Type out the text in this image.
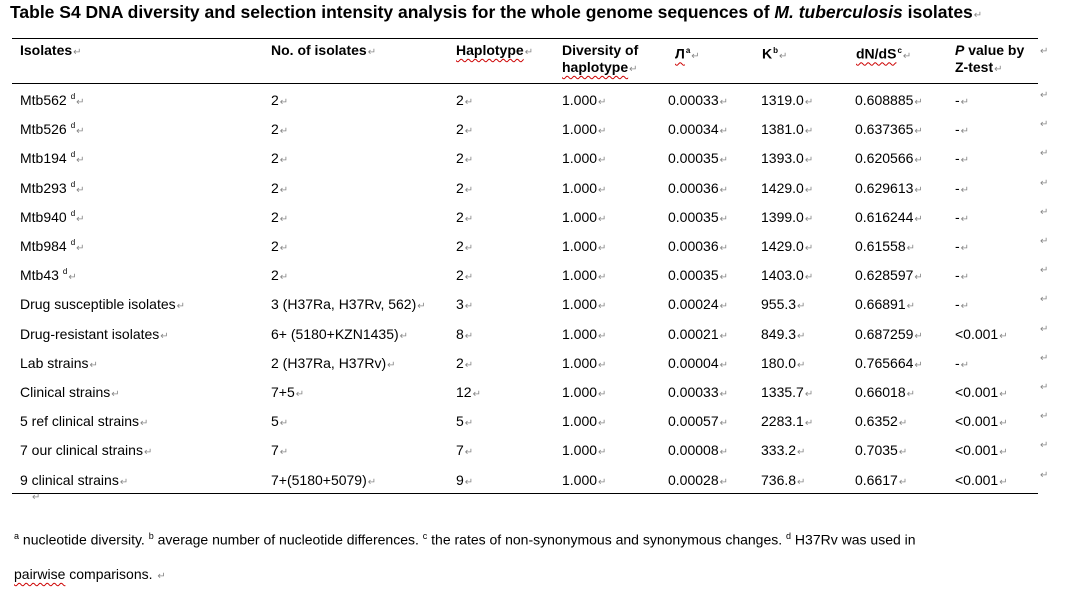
Table S4 DNA diversity and selection intensity analysis for the whole genome sequences of M. tuberculosis isolates↵
Isolates↵	No. of isolates↵	Haplotype↵ Diversity of
haplotype↵
$Л^a↵$	$K^b↵$	$dN/dS^c↵$	P value by
Z-test↵
↵
Mtb562 $^d$↵	2↵	2↵	1.000↵	0.00033↵ 1319.0↵	0.608885↵ -↵
↵
Mtb526 $^d$↵	2↵	2↵	1.000↵	0.00034↵ 1381.0↵	0.637365↵ -↵
↵
Mtb194 $^d$↵	2↵	2↵	1.000↵	0.00035↵ 1393.0↵	0.620566↵ -↵
↵
Mtb293 $^d$↵	2↵	2↵	1.000↵	0.00036↵ 1429.0↵	0.629613↵ -↵
↵
Mtb940 $^d$↵	2↵	2↵	1.000↵	0.00035↵ 1399.0↵	0.616244↵ -↵
↵
Mtb984 $^d$↵	2↵	2↵	1.000↵	0.00036↵ 1429.0↵	0.61558↵	-↵
↵
Mtb43 $^d$↵	2↵	2↵	1.000↵	0.00035↵ 1403.0↵	0.628597↵ -↵
↵
Drug susceptible isolates↵	3 (H37Ra, H37Rv, 562)↵ 3↵	1.000↵	0.00024↵ 955.3↵	0.66891↵	-↵
↵
Drug-resistant isolates↵	6+ (5180+KZN1435)↵	8↵	1.000↵	0.00021↵ 849.3↵	0.687259↵ <0.001↵
↵
Lab strains↵	2 (H37Ra, H37Rv)↵	2↵	1.000↵	0.00004↵ 180.0↵	0.765664↵ -↵
↵
Clinical strains↵	7+5↵	12↵	1.000↵	0.00033↵ 1335.7↵	0.66018↵	<0.001↵
↵
5 ref clinical strains↵	5↵	5↵	1.000↵	0.00057↵ 2283.1↵	0.6352↵	<0.001↵
↵
7 our clinical strains↵	7↵	7↵	1.000↵	0.00008↵ 333.2↵	0.7035↵	<0.001↵
↵
9 clinical strains↵	7+(5180+5079)↵	9↵	1.000↵	0.00028↵ 736.8↵	0.6617↵	<0.001↵
↵
↵
$^a$ nucleotide diversity. $^b$ average number of nucleotide differences. $^c$ the rates of non-synonymous and synonymous changes. $^d$ H37Rv was used in
pairwise comparisons. ↵
